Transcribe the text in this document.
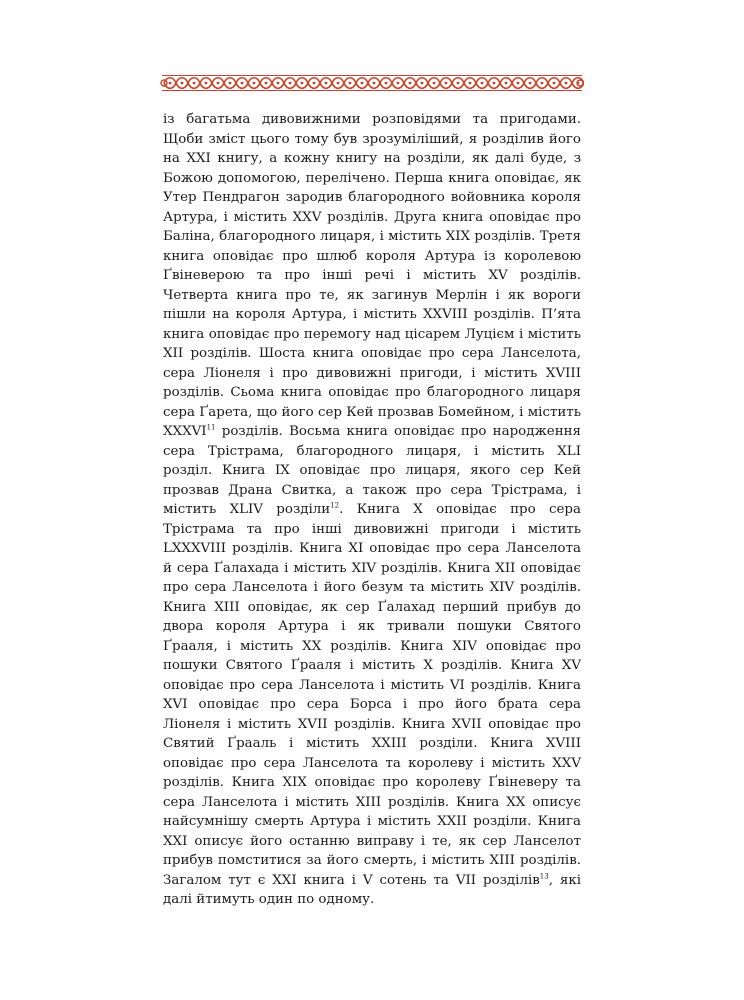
із багатьма дивовижними розповідями та пригодами. Щоби зміст цього тому був зрозуміліший, я розділив його на XXI книгу, а кожну книгу на розділи, як далі буде, з Божою допомогою, перелічено. Перша книга оповідає, як Утер Пендрагон зародив благородного войовника короля Артура, і містить XXV розділів. Друга книга оповідає про Баліна, благородного лицаря, і містить XIX розділів. Третя книга оповідає про шлюб короля Артура із королевою Ґвіневерою та про інші речі і містить XV розділів. Четверта книга про те, як загинув Мерлін і як вороги пішли на короля Артура, і містить XXVIII розділів. П’ята книга оповідає про перемогу над цісарем Луцієм і містить XII розділів. Шоста книга оповідає про сера Ланселота, сера Ліонеля і про дивовижні пригоди, і містить XVIII розділів. Сьома книга оповідає про благородного лицаря сера Ґарета, що його сер Кей прозвав Бомейном, і містить XXXVI$^{11}$ розділів. Восьма книга оповідає про народження сера Трістрама, благородного лицаря, і містить XLI розділ. Книга IX оповідає про лицаря, якого сер Кей прозвав Драна Свитка, а також про сера Трістрама, і містить XLIV розділи$^{12}$. Книга X оповідає про сера Трістрама та про інші дивовижні пригоди і містить LXXXVIII розділів. Книга XI оповідає про сера Ланселота й сера Ґалахада і містить XIV розділів. Книга XII оповідає про сера Ланселота і його безум та містить XIV розділів. Книга XIII оповідає, як сер Ґалахад перший прибув до двора короля Артура і як тривали пошуки Святого Ґрааля, і містить XX розділів. Книга XIV оповідає про пошуки Святого Ґрааля і містить X розділів. Книга XV оповідає про сера Ланселота і містить VI розділів. Книга XVI оповідає про сера Борса і про його брата сера Ліонеля і містить XVII розділів. Книга XVII оповідає про Святий Ґрааль і містить XXIII розділи. Книга XVIII оповідає про сера Ланселота та королеву і містить XXV розділів. Книга XIX оповідає про королеву Ґвіневеру та сера Ланселота і містить XIII розділів. Книга XX описує найсумнішу смерть Артура і містить XXII розділи. Книга XXI описує його останню виправу і те, як сер Ланселот прибув помститися за його смерть, і містить XIII розділів. Загалом тут є XXI книга і V сотень та VII розділів$^{13}$, які далі йтимуть один по одному.
